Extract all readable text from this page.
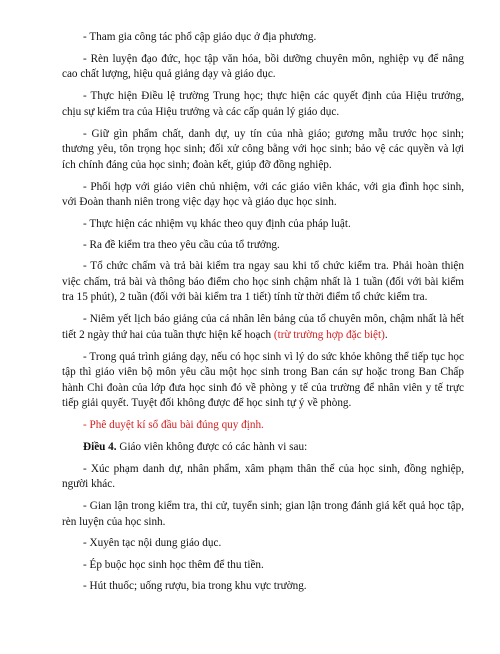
- Tham gia công tác phổ cập giáo dục ở địa phương.

- Rèn luyện đạo đức, học tập văn hóa, bồi dưỡng chuyên môn, nghiệp vụ để nâng cao chất lượng, hiệu quả giảng dạy và giáo dục.

- Thực hiện Điều lệ trường Trung học; thực hiện các quyết định của Hiệu trưởng, chịu sự kiểm tra của Hiệu trưởng và các cấp quản lý giáo dục.

- Giữ gìn phẩm chất, danh dự, uy tín của nhà giáo; gương mẫu trước học sinh; thương yêu, tôn trọng học sinh; đối xử công bằng với học sinh; bảo vệ các quyền và lợi ích chính đáng của học sinh; đoàn kết, giúp đỡ đồng nghiệp.

- Phối hợp với giáo viên chủ nhiệm, với các giáo viên khác, với gia đình học sinh, với Đoàn thanh niên trong việc dạy học và giáo dục học sinh.

- Thực hiện các nhiệm vụ khác theo quy định của pháp luật.

- Ra đề kiểm tra theo yêu cầu của tổ trưởng.

- Tổ chức chấm và trả bài kiểm tra ngay sau khi tổ chức kiểm tra. Phải hoàn thiện việc chấm, trả bài và thông báo điểm cho học sinh chậm nhất là 1 tuần (đối với bài kiểm tra 15 phút), 2 tuần (đối với bài kiểm tra 1 tiết) tính từ thời điểm tổ chức kiểm tra.

- Niêm yết lịch báo giảng của cá nhân lên bảng của tổ chuyên môn, chậm nhất là hết tiết 2 ngày thứ hai của tuần thực hiện kế hoạch (trừ trường hợp đặc biệt).

- Trong quá trình giảng dạy, nếu có học sinh vì lý do sức khỏe không thể tiếp tục học tập thì giáo viên bộ môn yêu cầu một học sinh trong Ban cán sự hoặc trong Ban Chấp hành Chi đoàn của lớp đưa học sinh đó về phòng y tế của trường để nhân viên y tế trực tiếp giải quyết. Tuyệt đối không được để học sinh tự ý về phòng.

- Phê duyệt kí sổ đầu bài đúng quy định.

Điều 4. Giáo viên không được có các hành vi sau:

- Xúc phạm danh dự, nhân phẩm, xâm phạm thân thể của học sinh, đồng nghiệp, người khác.

- Gian lận trong kiểm tra, thi cử, tuyển sinh; gian lận trong đánh giá kết quả học tập, rèn luyện của học sinh.

- Xuyên tạc nội dung giáo dục.

- Ép buộc học sinh học thêm để thu tiền.

- Hút thuốc; uống rượu, bia trong khu vực trường.
